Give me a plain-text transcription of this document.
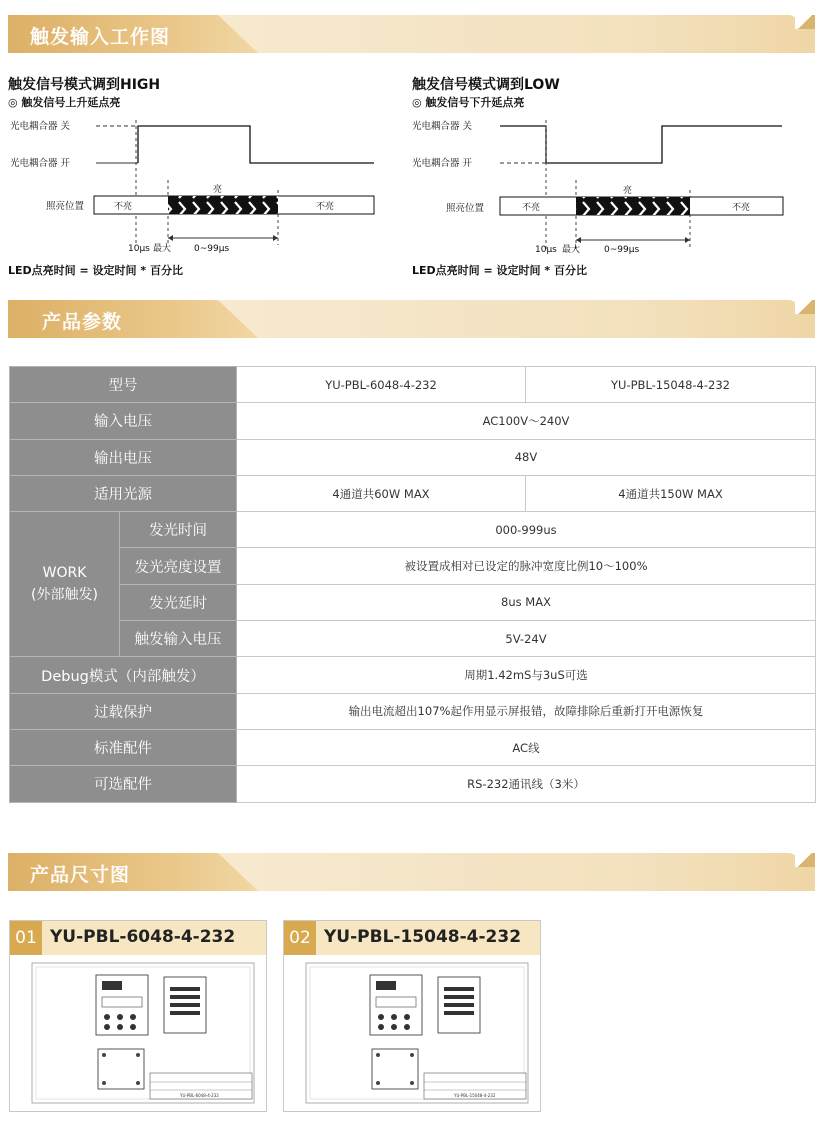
触发输入工作图
触发信号模式调到HIGH
◎ 触发信号上升延点亮
光电耦合器 关
光电耦合器 开
照亮位置	不亮	不亮
亮
10μs 最大	0~99μs
LED点亮时间 = 设定时间 * 百分比
触发信号模式调到LOW
◎ 触发信号下升延点亮
光电耦合器 关
光电耦合器 开
照亮位置	不亮	不亮
亮
10μs 最大	0~99μs
LED点亮时间 = 设定时间 * 百分比
产品参数
型号		YU-PBL-6048-4-232	YU-PBL-15048-4-232
输入电压		AC100V～240V	
输出电压		48V	
适用光源		4通道共60W MAX	4通道共150W MAX

WORK
(外部触发)	发光时间	000-999us	
	发光亮度设置	被设置成相对已设定的脉冲宽度比例10～100%	
	发光延时	8us MAX	
	触发输入电压	5V-24V	
Debug模式（内部触发）		周期1.42mS与3uS可选	
过载保护		输出电流超出107%起作用显示屏报错，故障排除后重新打开电源恢复	
标准配件		AC线	
可选配件		RS-232通讯线（3米）	
产品尺寸图
01 YU-PBL-6048-4-232
YU-PBL-6048-4-232
02 YU-PBL-15048-4-232
YU-PBL-15048-4-232
